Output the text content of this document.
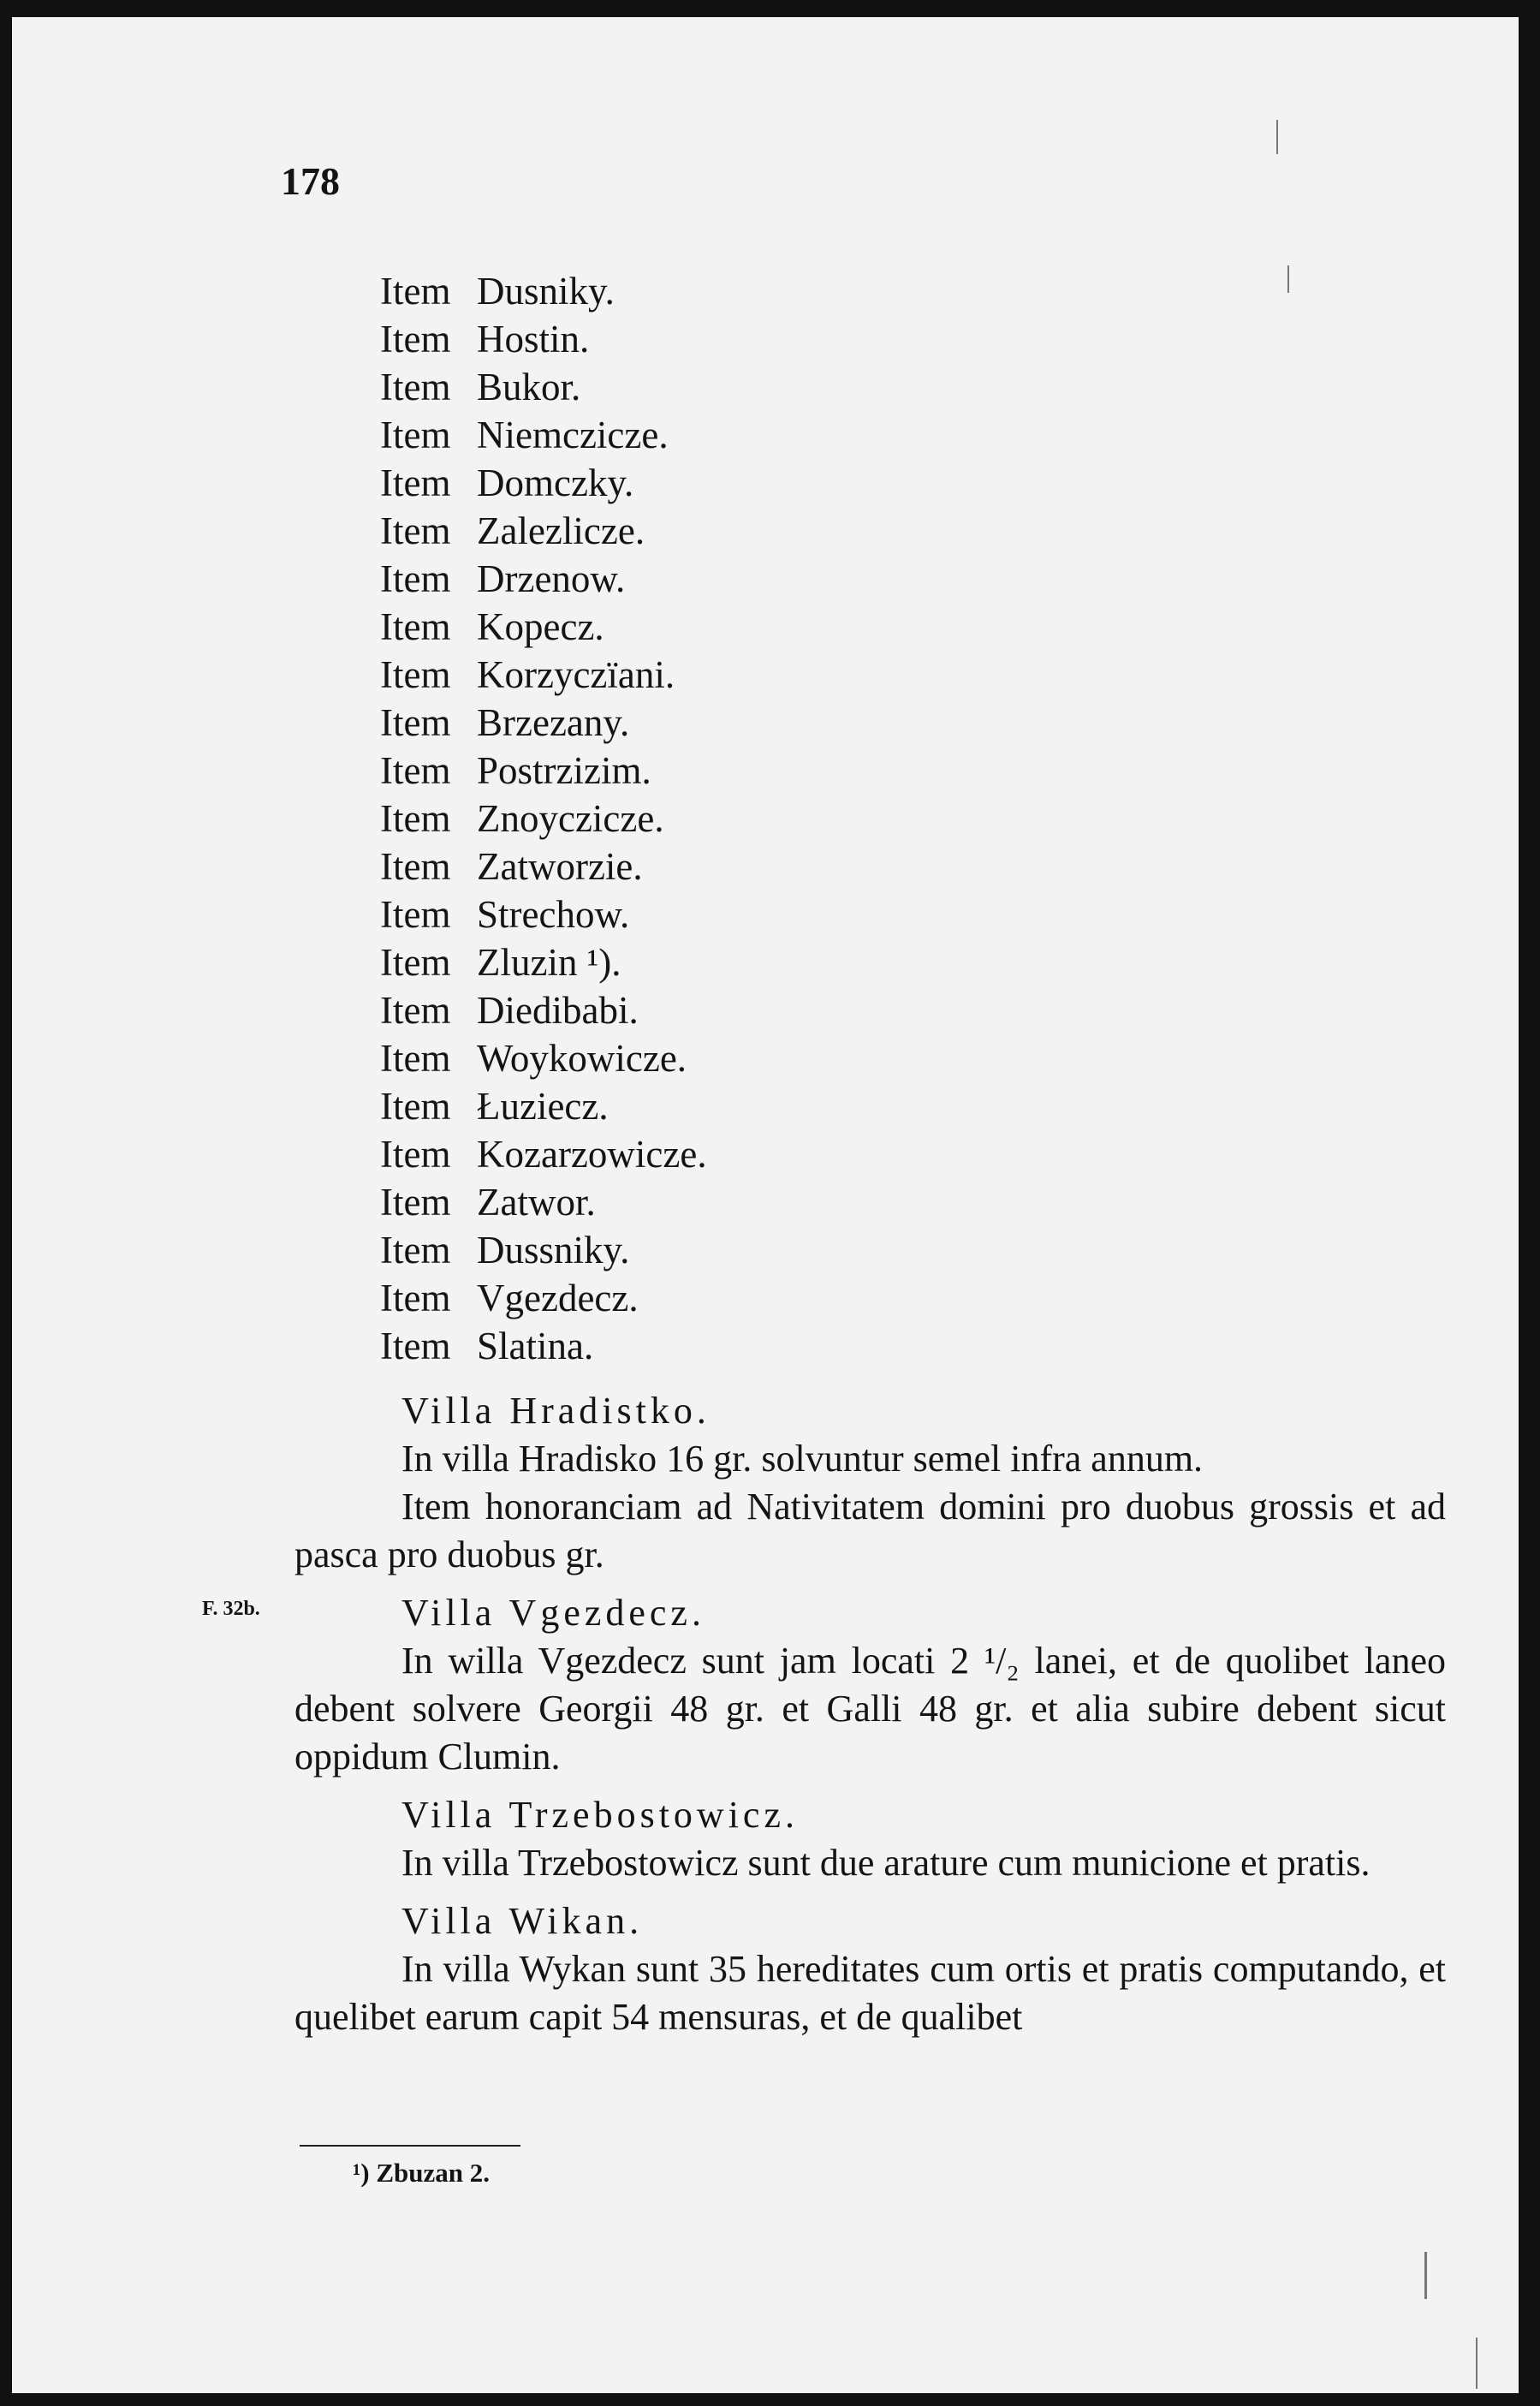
178
Item Dusniky.
Item Hostin.
Item Bukor.
Item Niemczicze.
Item Domczky.
Item Zalezlicze.
Item Drzenow.
Item Kopecz.
Item Korzyczïani.
Item Brzezany.
Item Postrzizim.
Item Znoyczicze.
Item Zatworzie.
Item Strechow.
Item Zluzin ¹).
Item Diedibabi.
Item Woykowicze.
Item Łuziecz.
Item Kozarzowicze.
Item Zatwor.
Item Dussniky.
Item Vgezdecz.
Item Slatina.
Villa Hradistko.
In villa Hradisko 16 gr. solvuntur semel infra annum.
Item honoranciam ad Nativitatem domini pro duobus grossis et ad pasca pro duobus gr.
Villa Vgezdecz.
In willa Vgezdecz sunt jam locati 2 ¹/₂ lanei, et de quolibet laneo debent solvere Georgii 48 gr. et Galli 48 gr. et alia subire debent sicut oppidum Clumin.
Villa Trzebostowicz.
In villa Trzebostowicz sunt due arature cum municione et pratis.
Villa Wikan.
In villa Wykan sunt 35 hereditates cum ortis et pratis computando, et quelibet earum capit 54 mensuras, et de qualibet
F. 32b.
¹) Zbuzan 2.
